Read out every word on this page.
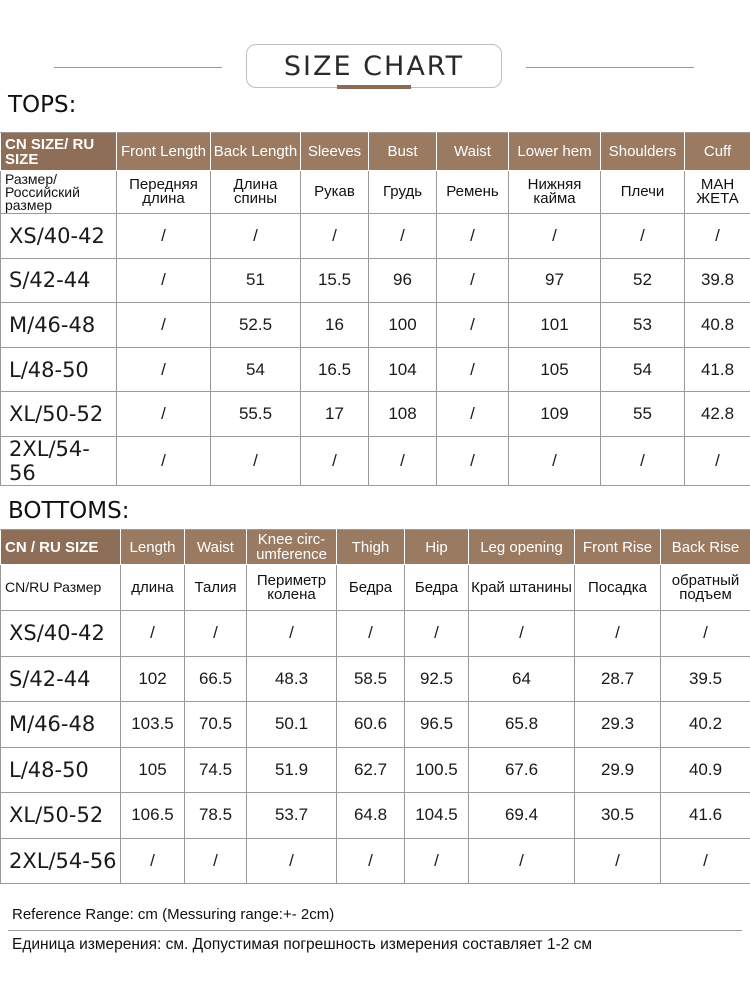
SIZE CHART
TOPS:
CN SIZE/ RU SIZE	Front Length	Back Length	Sleeves	Bust	Waist	Lower hem	Shoulders	Cuff
Размер/ Российский размер	Передняя длина	Длина спины	Рукав	Грудь	Ремень	Нижняя кайма	Плечи	МАН ЖЕТА
XS/40-42	/	/	/	/	/	/	/	/
S/42-44	/	51	15.5	96	/	97	52	39.8
M/46-48	/	52.5	16	100	/	101	53	40.8
L/48-50	/	54	16.5	104	/	105	54	41.8
XL/50-52	/	55.5	17	108	/	109	55	42.8
2XL/54-56	/	/	/	/	/	/	/	/
BOTTOMS:
CN / RU SIZE	Length	Waist	Knee circ- umference	Thigh	Hip	Leg opening	Front Rise	Back Rise
CN/RU Размер	длина	Талия	Периметр колена	Бедра	Бедра	Край штанины	Посадка	обратный подъем
XS/40-42	/	/	/	/	/	/	/	/
S/42-44	102	66.5	48.3	58.5	92.5	64	28.7	39.5
M/46-48	103.5	70.5	50.1	60.6	96.5	65.8	29.3	40.2
L/48-50	105	74.5	51.9	62.7	100.5	67.6	29.9	40.9
XL/50-52	106.5	78.5	53.7	64.8	104.5	69.4	30.5	41.6
2XL/54-56	/	/	/	/	/	/	/	/
Reference Range: cm (Messuring range:+- 2cm)
Единица измерения: см. Допустимая погрешность измерения составляет 1-2 см
